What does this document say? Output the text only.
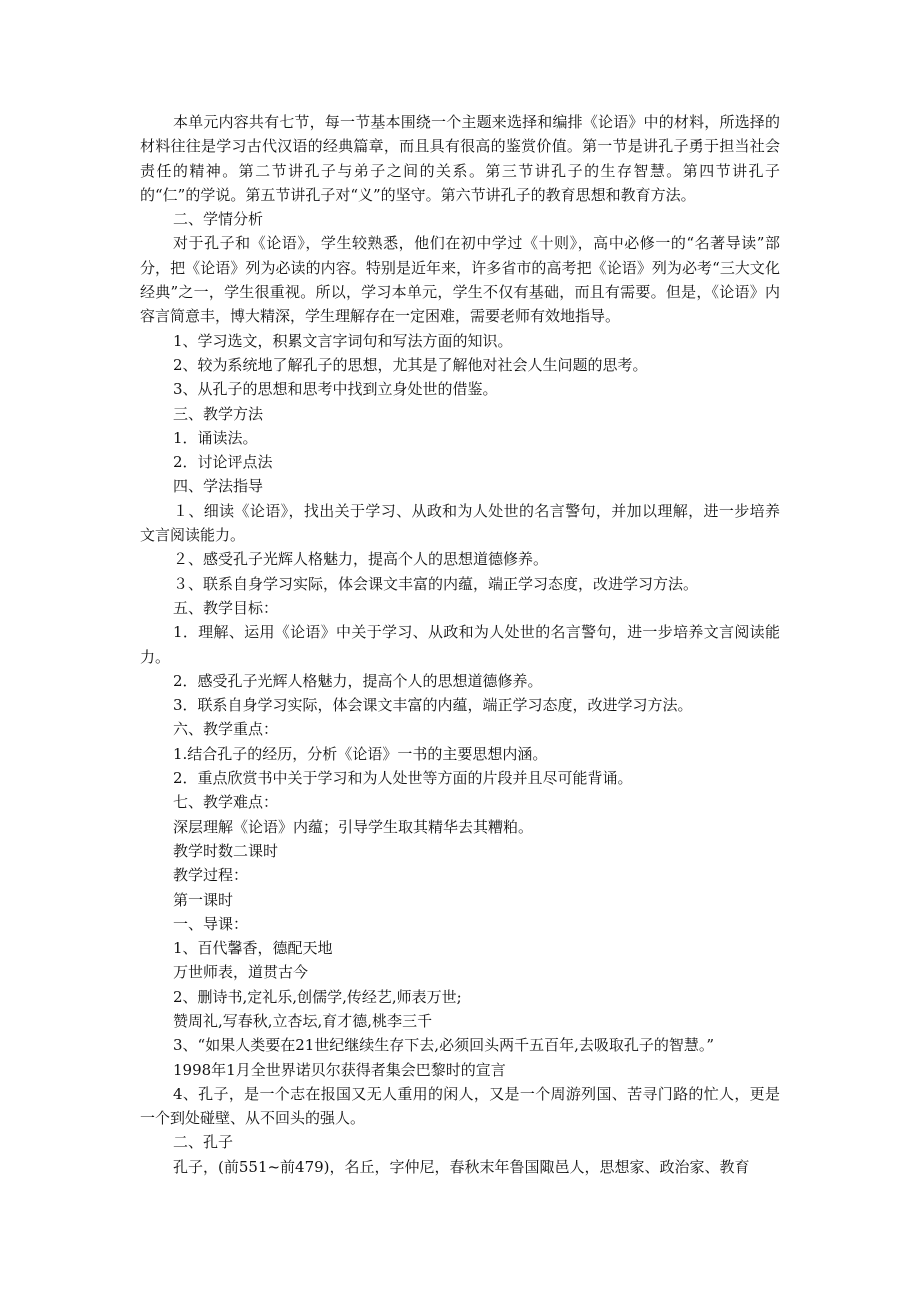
本单元内容共有七节，每一节基本围绕一个主题来选择和编排《论语》中的材料，所选择的材料往往是学习古代汉语的经典篇章，而且具有很高的鉴赏价值。第一节是讲孔子勇于担当社会责任的精神。第二节讲孔子与弟子之间的关系。第三节讲孔子的生存智慧。第四节讲孔子的“仁”的学说。第五节讲孔子对“义”的坚守。第六节讲孔子的教育思想和教育方法。

二、学情分析

对于孔子和《论语》，学生较熟悉，他们在初中学过《十则》，高中必修一的“名著导读”部分，把《论语》列为必读的内容。特别是近年来，许多省市的高考把《论语》列为必考“三大文化经典”之一，学生很重视。所以，学习本单元，学生不仅有基础，而且有需要。但是，《论语》内容言简意丰，博大精深，学生理解存在一定困难，需要老师有效地指导。

1、学习选文，积累文言字词句和写法方面的知识。

2、较为系统地了解孔子的思想，尤其是了解他对社会人生问题的思考。

3、从孔子的思想和思考中找到立身处世的借鉴。

三、教学方法

1．诵读法。

2．讨论评点法

四、学法指导

１、细读《论语》，找出关于学习、从政和为人处世的名言警句，并加以理解，进一步培养文言阅读能力。

２、感受孔子光辉人格魅力，提高个人的思想道德修养。

３、联系自身学习实际，体会课文丰富的内蕴，端正学习态度，改进学习方法。

五、教学目标：

1．理解、运用《论语》中关于学习、从政和为人处世的名言警句，进一步培养文言阅读能力。

2．感受孔子光辉人格魅力，提高个人的思想道德修养。

3．联系自身学习实际，体会课文丰富的内蕴，端正学习态度，改进学习方法。

六、教学重点：

1.结合孔子的经历，分析《论语》一书的主要思想内涵。

2．重点欣赏书中关于学习和为人处世等方面的片段并且尽可能背诵。

七、教学难点：

深层理解《论语》内蕴；引导学生取其精华去其糟粕。

教学时数二课时

教学过程：

第一课时

一、导课：

1、百代馨香，德配天地

万世师表，道贯古今

2、删诗书,定礼乐,创儒学,传经艺,师表万世;

赞周礼,写春秋,立杏坛,育才德,桃李三千

3、“如果人类要在21世纪继续生存下去,必须回头两千五百年,去吸取孔子的智慧。”

1998年1月全世界诺贝尔获得者集会巴黎时的宣言

4、孔子，是一个志在报国又无人重用的闲人，又是一个周游列国、苦寻门路的忙人，更是一个到处碰壁、从不回头的强人。

二、孔子

孔子，(前551~前479)，名丘，字仲尼，春秋末年鲁国陬邑人，思想家、政治家、教育
